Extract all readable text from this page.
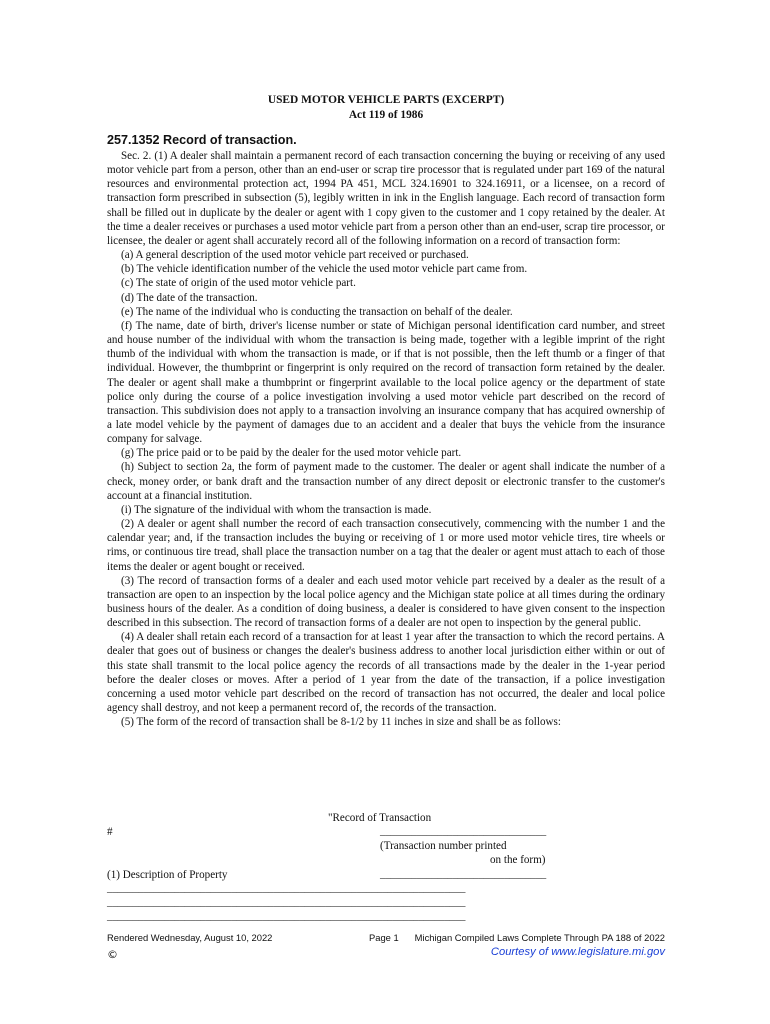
USED MOTOR VEHICLE PARTS (EXCERPT)
Act 119 of 1986
257.1352 Record of transaction.

Sec. 2. (1) A dealer shall maintain a permanent record of each transaction concerning the buying or receiving of any used motor vehicle part from a person, other than an end-user or scrap tire processor that is regulated under part 169 of the natural resources and environmental protection act, 1994 PA 451, MCL 324.16901 to 324.16911, or a licensee, on a record of transaction form prescribed in subsection (5), legibly written in ink in the English language. Each record of transaction form shall be filled out in duplicate by the dealer or agent with 1 copy given to the customer and 1 copy retained by the dealer. At the time a dealer receives or purchases a used motor vehicle part from a person other than an end-user, scrap tire processor, or licensee, the dealer or agent shall accurately record all of the following information on a record of transaction form:

(a) A general description of the used motor vehicle part received or purchased.

(b) The vehicle identification number of the vehicle the used motor vehicle part came from.

(c) The state of origin of the used motor vehicle part.

(d) The date of the transaction.

(e) The name of the individual who is conducting the transaction on behalf of the dealer.

(f) The name, date of birth, driver's license number or state of Michigan personal identification card number, and street and house number of the individual with whom the transaction is being made, together with a legible imprint of the right thumb of the individual with whom the transaction is made, or if that is not possible, then the left thumb or a finger of that individual. However, the thumbprint or fingerprint is only required on the record of transaction form retained by the dealer. The dealer or agent shall make a thumbprint or fingerprint available to the local police agency or the department of state police only during the course of a police investigation involving a used motor vehicle part described on the record of transaction. This subdivision does not apply to a transaction involving an insurance company that has acquired ownership of a late model vehicle by the payment of damages due to an accident and a dealer that buys the vehicle from the insurance company for salvage.

(g) The price paid or to be paid by the dealer for the used motor vehicle part.

(h) Subject to section 2a, the form of payment made to the customer. The dealer or agent shall indicate the number of a check, money order, or bank draft and the transaction number of any direct deposit or electronic transfer to the customer's account at a financial institution.

(i) The signature of the individual with whom the transaction is made.

(2) A dealer or agent shall number the record of each transaction consecutively, commencing with the number 1 and the calendar year; and, if the transaction includes the buying or receiving of 1 or more used motor vehicle tires, tire wheels or rims, or continuous tire tread, shall place the transaction number on a tag that the dealer or agent must attach to each of those items the dealer or agent bought or received.

(3) The record of transaction forms of a dealer and each used motor vehicle part received by a dealer as the result of a transaction are open to an inspection by the local police agency and the Michigan state police at all times during the ordinary business hours of the dealer. As a condition of doing business, a dealer is considered to have given consent to the inspection described in this subsection. The record of transaction forms of a dealer are not open to inspection by the general public.

(4) A dealer shall retain each record of a transaction for at least 1 year after the transaction to which the record pertains. A dealer that goes out of business or changes the dealer's business address to another local jurisdiction either within or out of this state shall transmit to the local police agency the records of all transactions made by the dealer in the 1-year period before the dealer closes or moves. After a period of 1 year from the date of the transaction, if a police investigation concerning a used motor vehicle part described on the record of transaction has not occurred, the dealer and local police agency shall destroy, and not keep a permanent record of, the records of the transaction.

(5) The form of the record of transaction shall be 8-1/2 by 11 inches in size and shall be as follows:

"Record of Transaction
#	________________________________
(Transaction number printed
on the form)
(1) Description of Property	________________________________
_____________________________________________________________________
_____________________________________________________________________
_____________________________________________________________________
Rendered Wednesday, August 10, 2022	Page 1 Michigan Compiled Laws Complete Through PA 188 of 2022
©	Courtesy of www.legislature.mi.gov
